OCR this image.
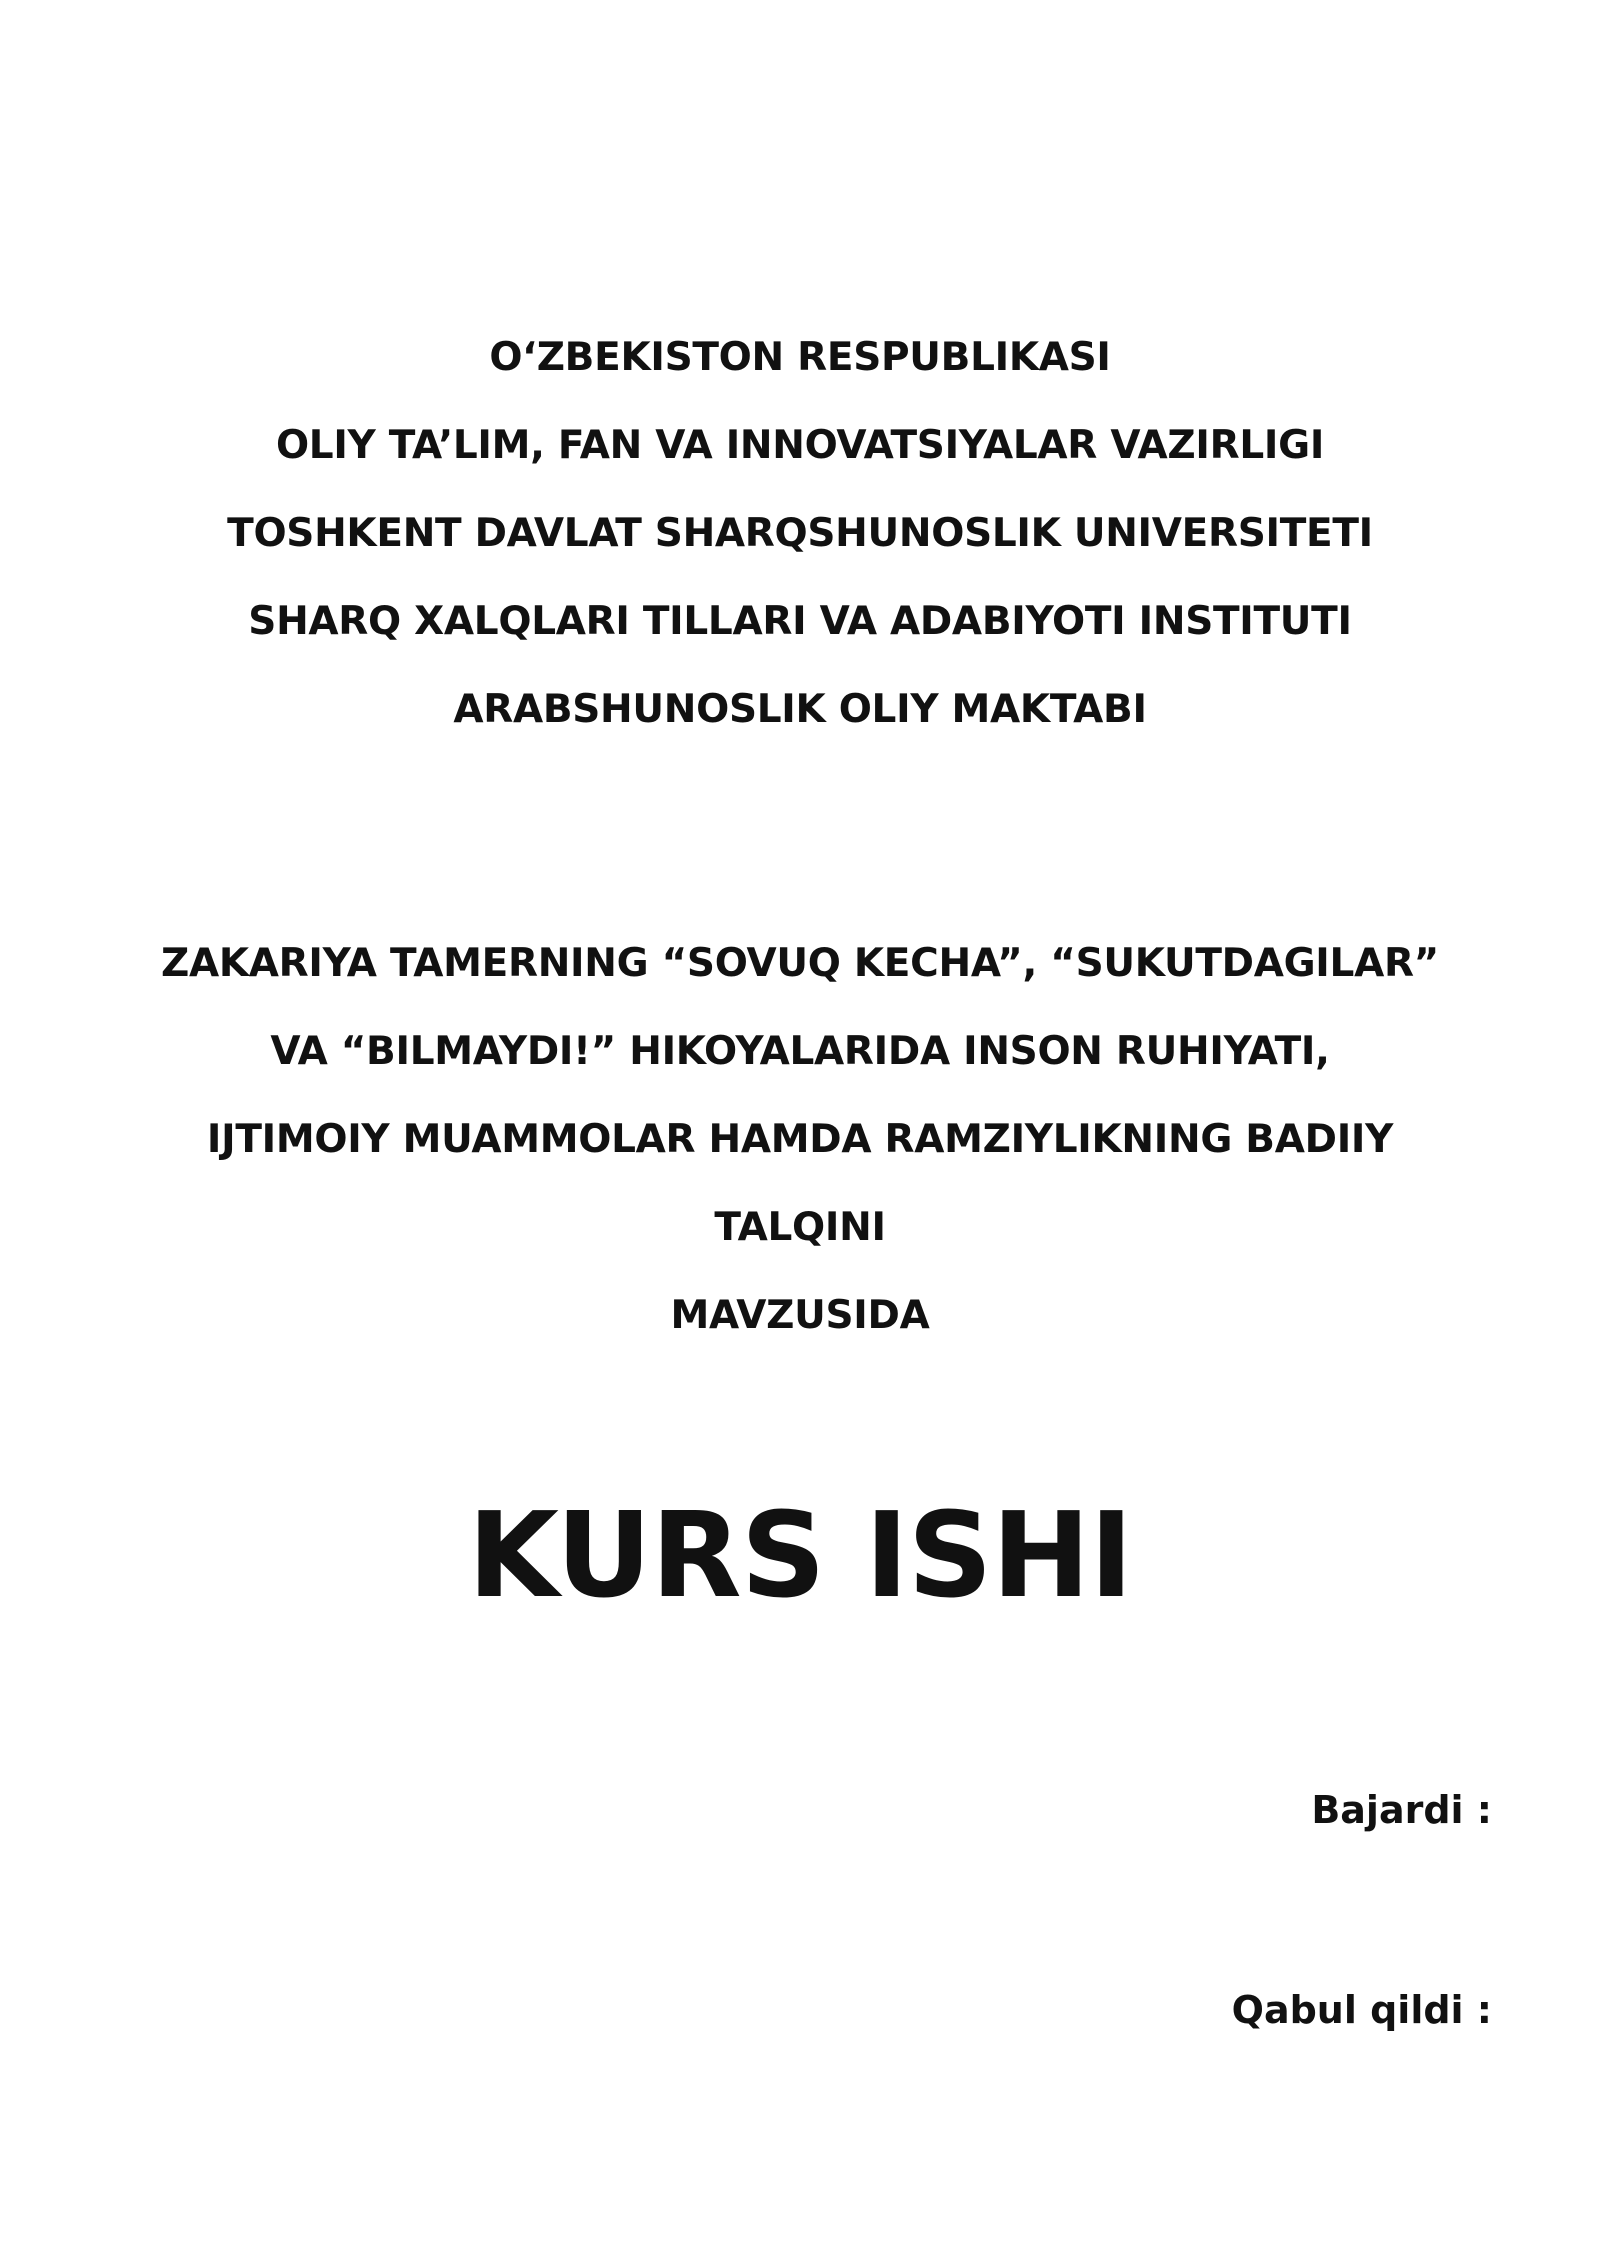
O‘ZBEKISTON RESPUBLIKASI
OLIY TA’LIM, FAN VA INNOVATSIYALAR VAZIRLIGI
TOSHKENT DAVLAT SHARQSHUNOSLIK UNIVERSITETI
SHARQ XALQLARI TILLARI VA ADABIYOTI INSTITUTI
ARABSHUNOSLIK OLIY MAKTABI
ZAKARIYA TAMERNING “SOVUQ KECHA”, “SUKUTDAGILAR”
VA “BILMAYDI!” HIKOYALARIDA INSON RUHIYATI,
IJTIMOIY MUAMMOLAR HAMDA RAMZIYLIKNING BADIIY
TALQINI
MAVZUSIDA
KURS ISHI
Bajardi :
Qabul qildi :
